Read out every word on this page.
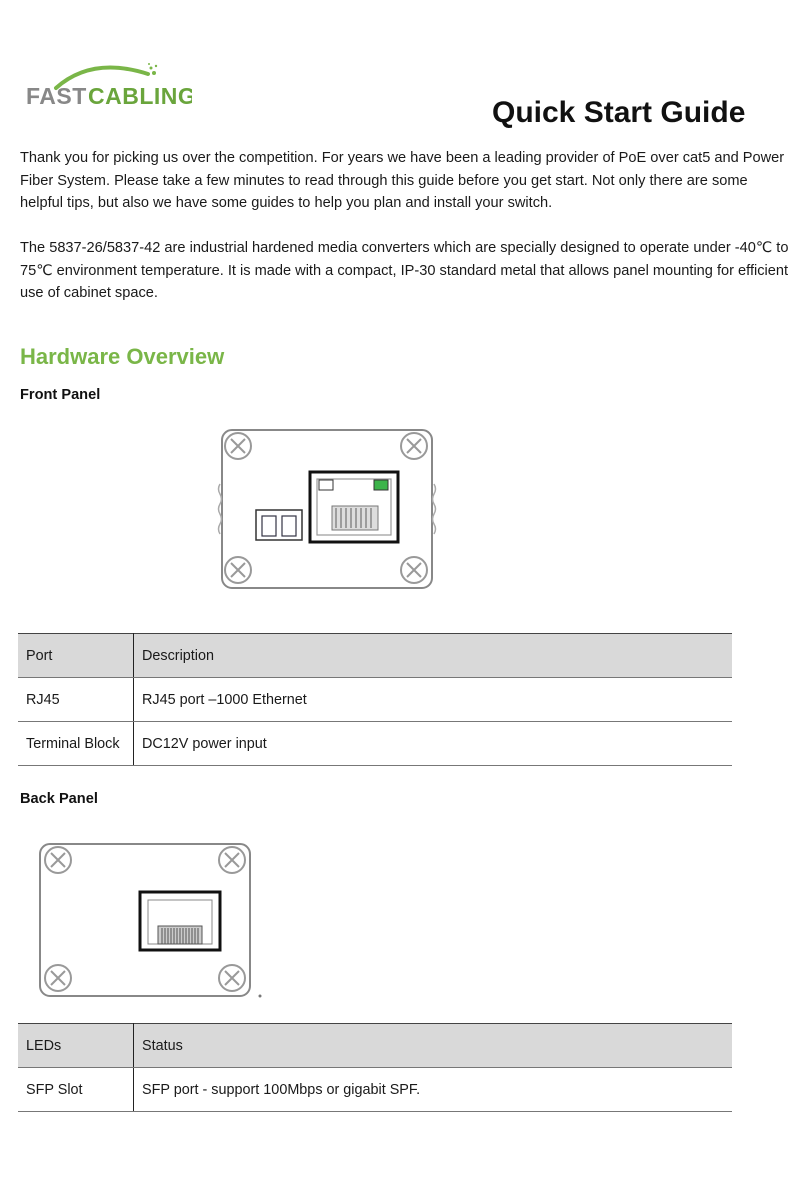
FAST CABLING	Quick Start Guide

Thank you for picking us over the competition. For years we have been a leading provider of PoE over cat5 and Power Fiber System. Please take a few minutes to read through this guide before you get start. Not only there are some helpful tips, but also we have some guides to help you plan and install your switch.

The 5837-26/5837-42 are industrial hardened media converters which are specially designed to operate under -40℃ to 75℃ environment temperature. It is made with a compact, IP-30 standard metal that allows panel mounting for efficient use of cabinet space.

Hardware Overview
Front Panel
Port	Description
RJ45	RJ45 port –1000 Ethernet
Terminal Block	DC12V power input
Back Panel
LEDs	Status
SFP Slot	SFP port - support 100Mbps or gigabit SPF.
